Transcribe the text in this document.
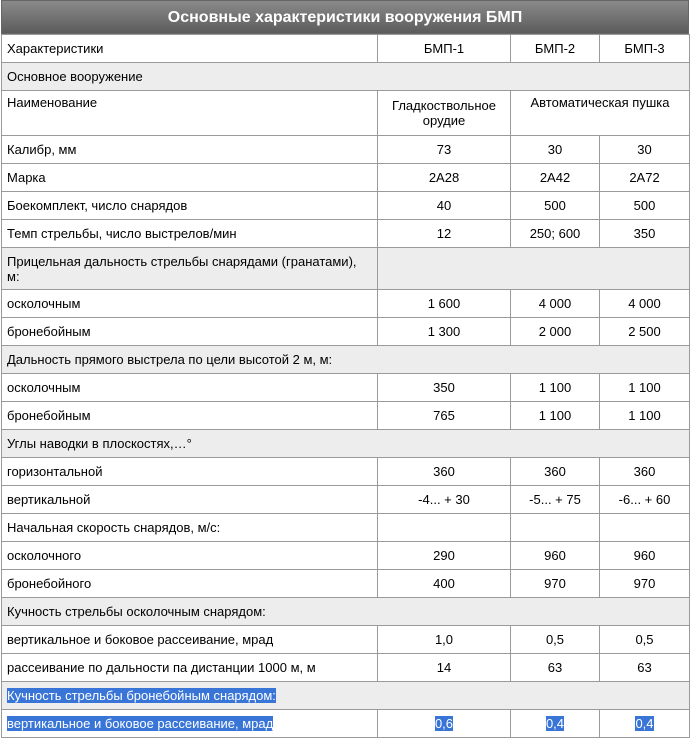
Основные характеристики вооружения БМП
Характеристики	БМП-1	БМП-2	БМП-3
Основное вооружение			
Наименование	Гладкоствольное орудие	Автоматическая пушка	
Калибр, мм	73	30	30
Марка	2А28	2А42	2А72
Боекомплект, число снарядов	40	500	500
Темп стрельбы, число выстрелов/мин	12	250; 600	350
Прицельная дальность стрельбы снарядами (гранатами), м:			
осколочным	1 600	4 000	4 000
бронебойным	1 300	2 000	2 500
Дальность прямого выстрела по цели высотой 2 м, м:			
осколочным	350	1 100	1 100
бронебойным	765	1 100	1 100
Углы наводки в плоскостях,…°			
горизонтальной	360	360	360
вертикальной	-4... + 30	-5... + 75	-6... + 60
Начальная скорость снарядов, м/с:			
осколочного	290	960	960
бронебойного	400	970	970
Кучность стрельбы осколочным снарядом:			
вертикальное и боковое рассеивание, мрад	1,0	0,5	0,5
рассеивание по дальности па дистанции 1000 м, м	14	63	63
Кучность стрельбы бронебойным снарядом:			
вертикальное и боковое рассеивание, мрад	0,6	0,4	0,4
